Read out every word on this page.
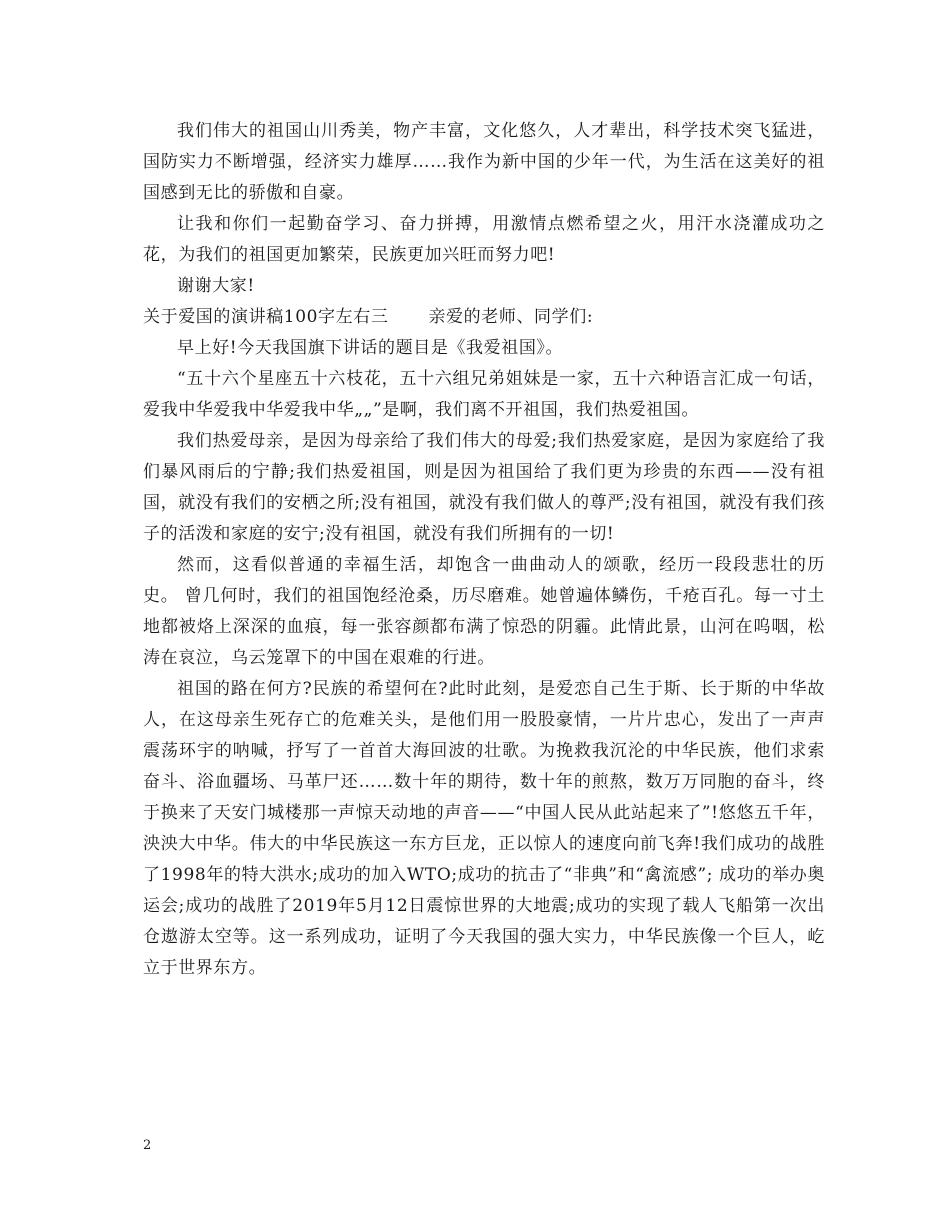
我们伟大的祖国山川秀美，物产丰富，文化悠久，人才辈出，科学技术突飞猛进，国防实力不断增强，经济实力雄厚……我作为新中国的少年一代，为生活在这美好的祖国感到无比的骄傲和自豪。

让我和你们一起勤奋学习、奋力拼搏，用激情点燃希望之火，用汗水浇灌成功之花，为我们的祖国更加繁荣，民族更加兴旺而努力吧!

谢谢大家!

关于爱国的演讲稿100字左右三 亲爱的老师、同学们:

早上好!今天我国旗下讲话的题目是《我爱祖国》。

“五十六个星座五十六枝花，五十六组兄弟姐妹是一家，五十六种语言汇成一句话，爱我中华爱我中华爱我中华„„”是啊，我们离不开祖国，我们热爱祖国。

我们热爱母亲，是因为母亲给了我们伟大的母爱;我们热爱家庭，是因为家庭给了我们暴风雨后的宁静;我们热爱祖国，则是因为祖国给了我们更为珍贵的东西——没有祖国，就没有我们的安栖之所;没有祖国，就没有我们做人的尊严;没有祖国，就没有我们孩子的活泼和家庭的安宁;没有祖国，就没有我们所拥有的一切!

然而，这看似普通的幸福生活，却饱含一曲曲动人的颂歌，经历一段段悲壮的历史。 曾几何时，我们的祖国饱经沧桑，历尽磨难。她曾遍体鳞伤，千疮百孔。每一寸土地都被烙上深深的血痕，每一张容颜都布满了惊恐的阴霾。此情此景，山河在呜咽，松涛在哀泣，乌云笼罩下的中国在艰难的行进。

祖国的路在何方?民族的希望何在?此时此刻，是爱恋自己生于斯、长于斯的中华故人，在这母亲生死存亡的危难关头，是他们用一股股豪情，一片片忠心，发出了一声声震荡环宇的呐喊，抒写了一首首大海回波的壮歌。为挽救我沉沦的中华民族，他们求索奋斗、浴血疆场、马革尸还……数十年的期待，数十年的煎熬，数万万同胞的奋斗，终于换来了天安门城楼那一声惊天动地的声音——“中国人民从此站起来了”!悠悠五千年，泱泱大中华。伟大的中华民族这一东方巨龙，正以惊人的速度向前飞奔!我们成功的战胜了1998年的特大洪水;成功的加入WTO;成功的抗击了“非典”和“禽流感”; 成功的举办奥运会;成功的战胜了2019年5月12日震惊世界的大地震;成功的实现了载人飞船第一次出仓遨游太空等。这一系列成功，证明了今天我国的强大实力，中华民族像一个巨人，屹立于世界东方。

2
